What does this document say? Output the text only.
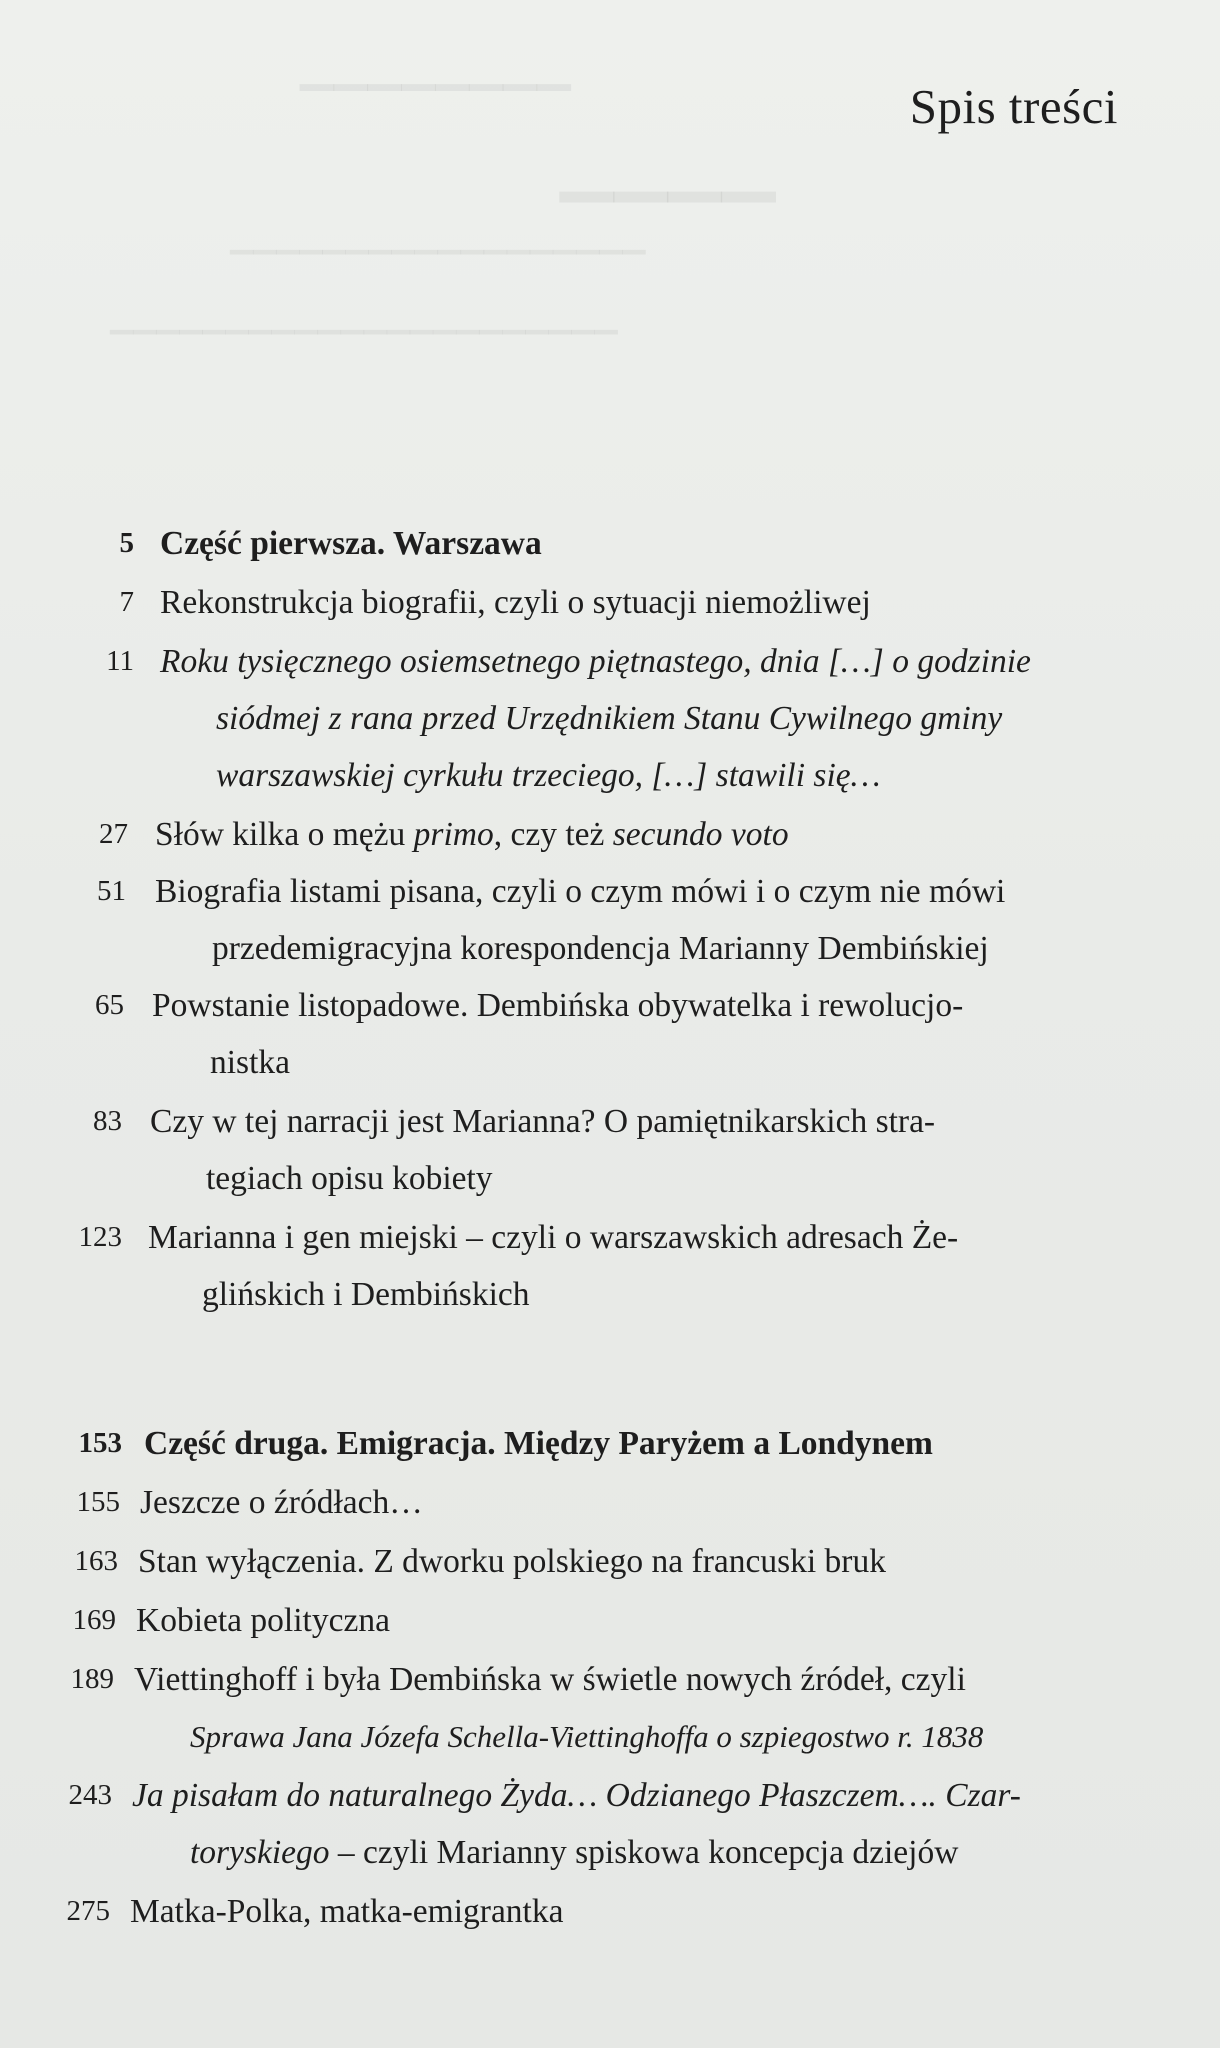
▁▁▁▁▁▁▁▁
▁▁▁▁
▁▁▁▁▁▁▁▁▁▁▁▁▁▁▁▁▁▁
▁▁▁▁▁▁▁▁▁▁▁▁▁▁▁▁▁▁▁▁▁▁
Spis treści
5 Część pierwsza. Warszawa
7 Rekonstrukcja biografii, czyli o sytuacji niemożliwej
11 Roku tysięcznego osiemsetnego piętnastego, dnia […] o godzinie
siódmej z rana przed Urzędnikiem Stanu Cywilnego gminy
warszawskiej cyrkułu trzeciego, […] stawili się…
27 Słów kilka o mężu primo, czy też secundo voto
51 Biografia listami pisana, czyli o czym mówi i o czym nie mówi
przedemigracyjna korespondencja Marianny Dembińskiej
65 Powstanie listopadowe. Dembińska obywatelka i rewolucjo-
nistka
83 Czy w tej narracji jest Marianna? O pamiętnikarskich stra-
tegiach opisu kobiety
123 Marianna i gen miejski – czyli o warszawskich adresach Że-
glińskich i Dembińskich
153 Część druga. Emigracja. Między Paryżem a Londynem
155 Jeszcze o źródłach…
163 Stan wyłączenia. Z dworku polskiego na francuski bruk
169 Kobieta polityczna
189 Viettinghoff i była Dembińska w świetle nowych źródeł, czyli
Sprawa Jana Józefa Schella-Viettinghoffa o szpiegostwo r. 1838
243 Ja pisałam do naturalnego Żyda… Odzianego Płaszczem…. Czar-
toryskiego – czyli Marianny spiskowa koncepcja dziejów
275 Matka-Polka, matka-emigrantka
